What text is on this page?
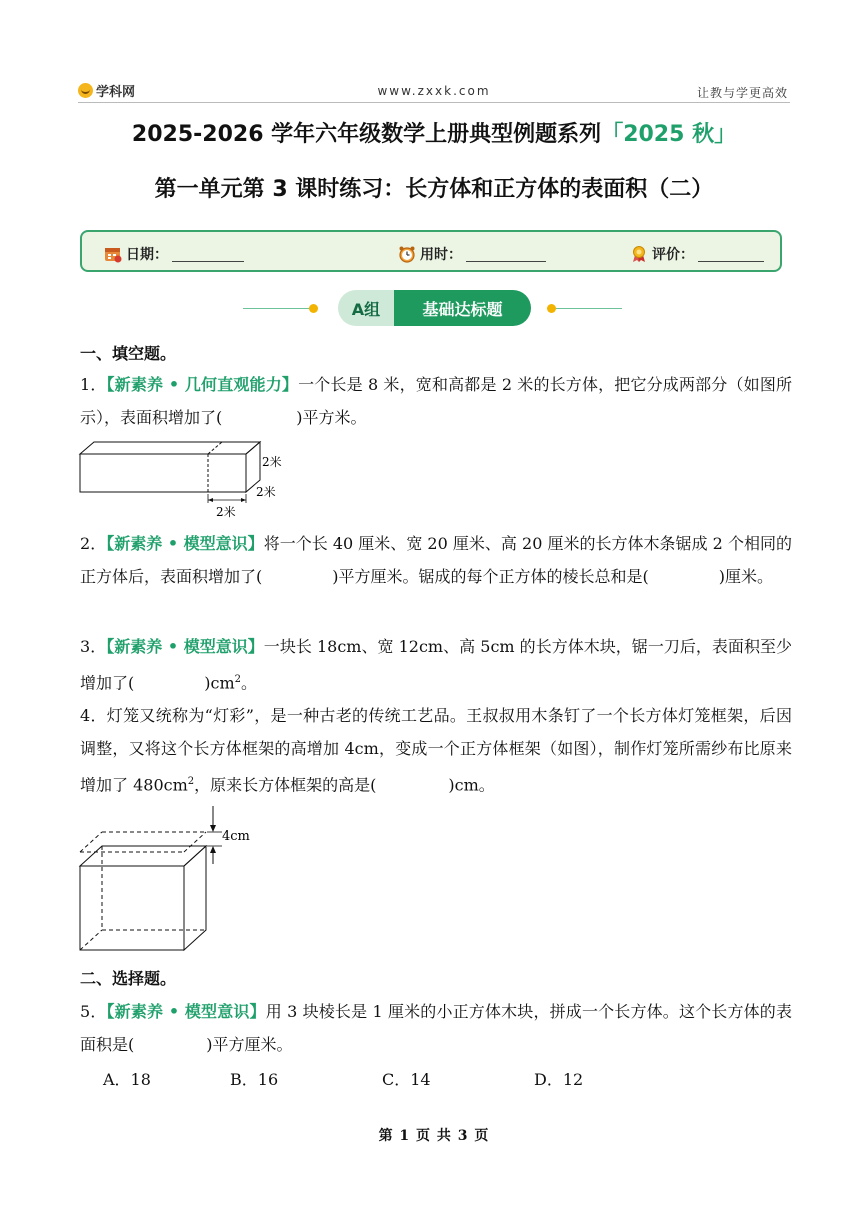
学科网	www.zxxk.com	让教与学更高效
2025-2026 学年六年级数学上册典型例题系列「2025 秋」
第一单元第 3 课时练习：长方体和正方体的表面积（二）
日期：	用时：	评价：
A组	基础达标题
一、填空题。
1．【新素养 • 几何直观能力】一个长是 8 米，宽和高都是 2 米的长方体，把它分成两部分（如图所示），表面积增加了(	)平方米。
2米
2米
2米
2．【新素养 • 模型意识】将一个长 40 厘米、宽 20 厘米、高 20 厘米的长方体木条锯成 2 个相同的正方体后，表面积增加了(	)平方厘米。锯成的每个正方体的棱长总和是(	)厘米。
3．【新素养 • 模型意识】一块长 18cm、宽 12cm、高 5cm 的长方体木块，锯一刀后，表面积至少增加了(	)$cm^2$。
4．灯笼又统称为“灯彩”，是一种古老的传统工艺品。王叔叔用木条钉了一个长方体灯笼框架，后因调整，又将这个长方体框架的高增加 4cm，变成一个正方体框架（如图），制作灯笼所需纱布比原来增加了 $480cm^2$，原来长方体框架的高是(	)cm。
4cm
二、选择题。
5．【新素养 • 模型意识】用 3 块棱长是 1 厘米的小正方体木块，拼成一个长方体。这个长方体的表面积是(	)平方厘米。
A．18	B．16	C．14	D．12
第 1 页 共 3 页
